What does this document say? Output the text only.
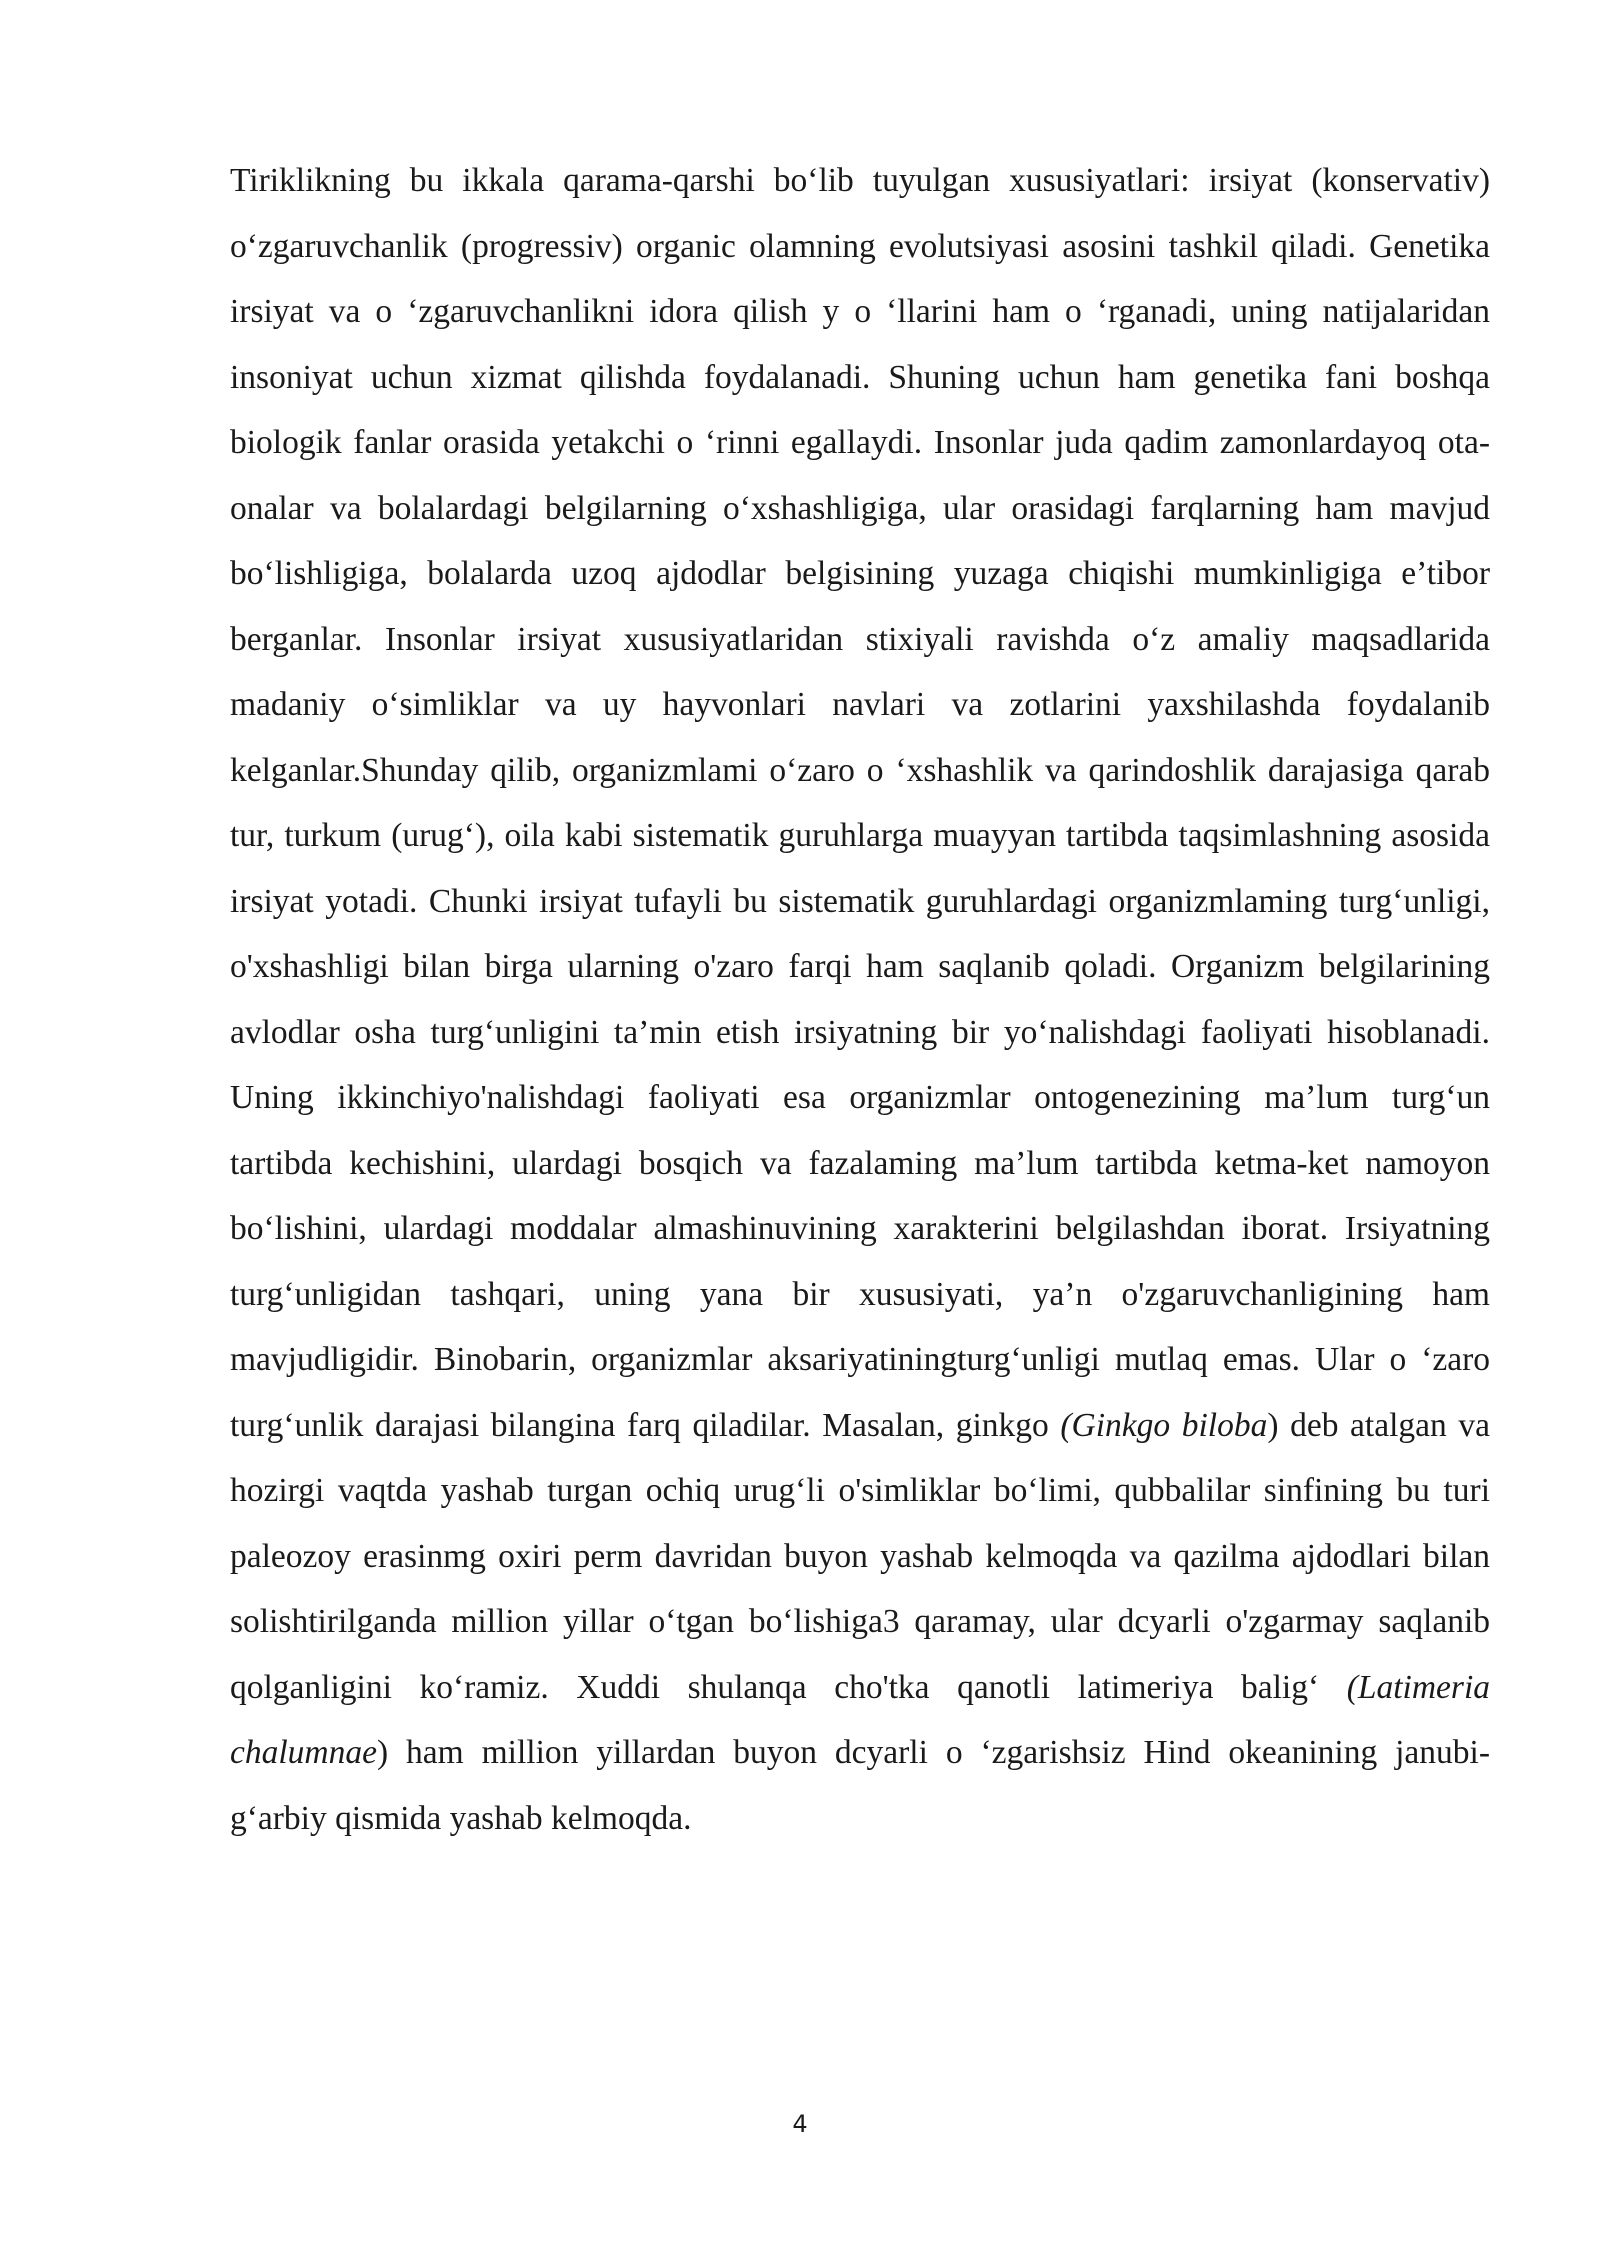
Tiriklikning bu ikkala qarama-qarshi bo‘lib tuyulgan xususiyatlari: irsiyat (konservativ) o‘zgaruvchanlik (progressiv) organic olamning evolutsiyasi asosini tashkil qiladi. Genetika irsiyat va o ‘zgaruvchanlikni idora qilish y o ‘llarini ham o ‘rganadi, uning natijalaridan insoniyat uchun xizmat qilishda foydalanadi. Shuning uchun ham genetika fani boshqa biologik fanlar orasida yetakchi o ‘rinni egallaydi. Insonlar juda qadim zamonlardayoq ota-onalar va bolalardagi belgilarning o‘xshashligiga, ular orasidagi farqlarning ham mavjud bo‘lishligiga, bolalarda uzoq ajdodlar belgisining yuzaga chiqishi mumkinligiga e’tibor berganlar. Insonlar irsiyat xususiyatlaridan stixiyali ravishda o‘z amaliy maqsadlarida madaniy o‘simliklar va uy hayvonlari navlari va zotlarini yaxshilashda foydalanib kelganlar.Shunday qilib, organizmlami o‘zaro o ‘xshashlik va qarindoshlik darajasiga qarab tur, turkum (urug‘), oila kabi sistematik guruhlarga muayyan tartibda taqsimlashning asosida irsiyat yotadi. Chunki irsiyat tufayli bu sistematik guruhlardagi organizmlaming turg‘unligi, o'xshashligi bilan birga ularning o'zaro farqi ham saqlanib qoladi. Organizm belgilarining avlodlar osha turg‘unligini ta’min etish irsiyatning bir yo‘nalishdagi faoliyati hisoblanadi. Uning ikkinchiyo'nalishdagi faoliyati esa organizmlar ontogenezining ma’lum turg‘un tartibda kechishini, ulardagi bosqich va fazalaming ma’lum tartibda ketma-ket namoyon bo‘lishini, ulardagi moddalar almashinuvining xarakterini belgilashdan iborat. Irsiyatning turg‘unligidan tashqari, uning yana bir xususiyati, ya’n o'zgaruvchanligining ham mavjudligidir. Binobarin, organizmlar aksariyatiningturg‘unligi mutlaq emas. Ular o ‘zaro turg‘unlik darajasi bilangina farq qiladilar. Masalan, ginkgo (Ginkgo biloba) deb atalgan va hozirgi vaqtda yashab turgan ochiq urug‘li o'simliklar bo‘limi, qubbalilar sinfining bu turi paleozoy erasinmg oxiri perm davridan buyon yashab kelmoqda va qazilma ajdodlari bilan solishtirilganda million yillar o‘tgan bo‘lishiga3 qaramay, ular dcyarli o'zgarmay saqlanib qolganligini ko‘ramiz. Xuddi shulanqa cho'tka qanotli latimeriya balig‘ (Latimeria chalumnae) ham million yillardan buyon dcyarli o ‘zgarishsiz Hind okeanining janubi-g‘arbiy qismida yashab kelmoqda.

4
